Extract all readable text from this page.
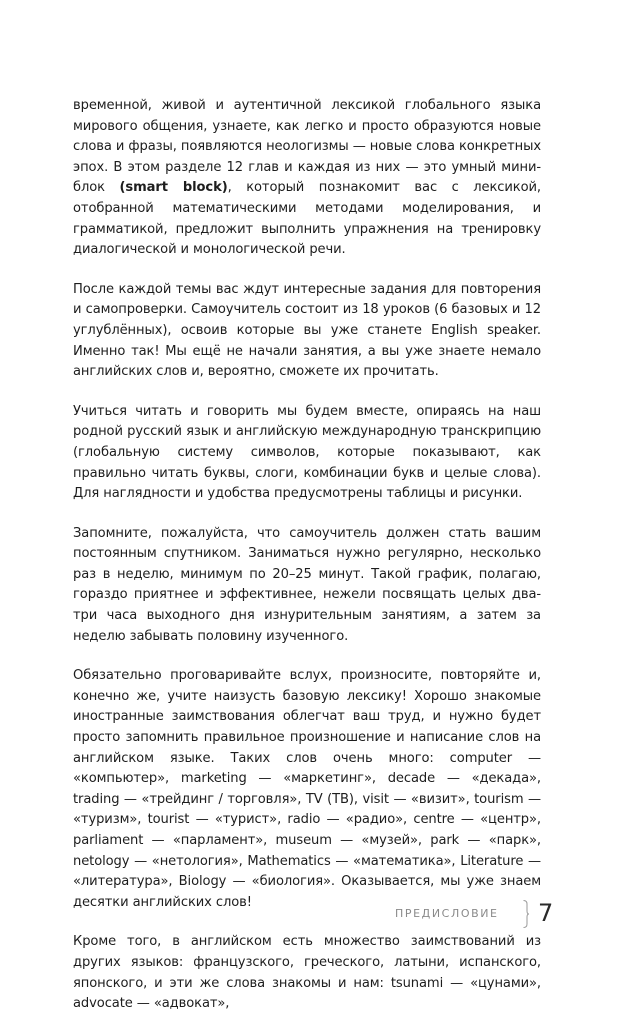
временной, живой и аутентичной лексикой глобального языка мирового общения, узнаете, как легко и просто образуются новые слова и фразы, появляются неологизмы — новые слова конкретных эпох. В этом разделе 12 глав и каждая из них — это умный мини-блок (smart block), который познакомит вас с лексикой, отобранной математическими методами моделирования, и грамматикой, предложит выполнить упражнения на тренировку диалогической и монологической речи.

После каждой темы вас ждут интересные задания для повторения и самопроверки. Самоучитель состоит из 18 уроков (6 базовых и 12 углублённых), освоив которые вы уже станете English speaker. Именно так! Мы ещё не начали занятия, а вы уже знаете немало английских слов и, вероятно, сможете их прочитать.

Учиться читать и говорить мы будем вместе, опираясь на наш родной русский язык и английскую международную транскрипцию (глобальную систему символов, которые показывают, как правильно читать буквы, слоги, комбинации букв и целые слова). Для наглядности и удобства предусмотрены таблицы и рисунки.

Запомните, пожалуйста, что самоучитель должен стать вашим постоянным спутником. Заниматься нужно регулярно, несколько раз в неделю, минимум по 20–25 минут. Такой график, полагаю, гораздо приятнее и эффективнее, нежели посвящать целых два-три часа выходного дня изнурительным занятиям, а затем за неделю забывать половину изученного.

Обязательно проговаривайте вслух, произносите, повторяйте и, конечно же, учите наизусть базовую лексику! Хорошо знакомые иностранные заимствования облегчат ваш труд, и нужно будет просто запомнить правильное произношение и написание слов на английском языке. Таких слов очень много: computer — «компьютер», marketing — «маркетинг», decade — «декада», trading — «трейдинг / торговля», TV (ТВ), visit — «визит», tourism — «туризм», tourist — «турист», radio — «радио», centre — «центр», parliament — «парламент», museum — «музей», park — «парк», netology — «нетология», Mathematics — «математика», Literature — «литература», Biology — «биология». Оказывается, мы уже знаем десятки английских слов!

Кроме того, в английском есть множество заимствований из других языков: французского, греческого, латыни, испанского, японского, и эти же слова знакомы и нам: tsunami — «цунами», advocate — «адвокат»,

ПРЕДИСЛОВИЕ 7
